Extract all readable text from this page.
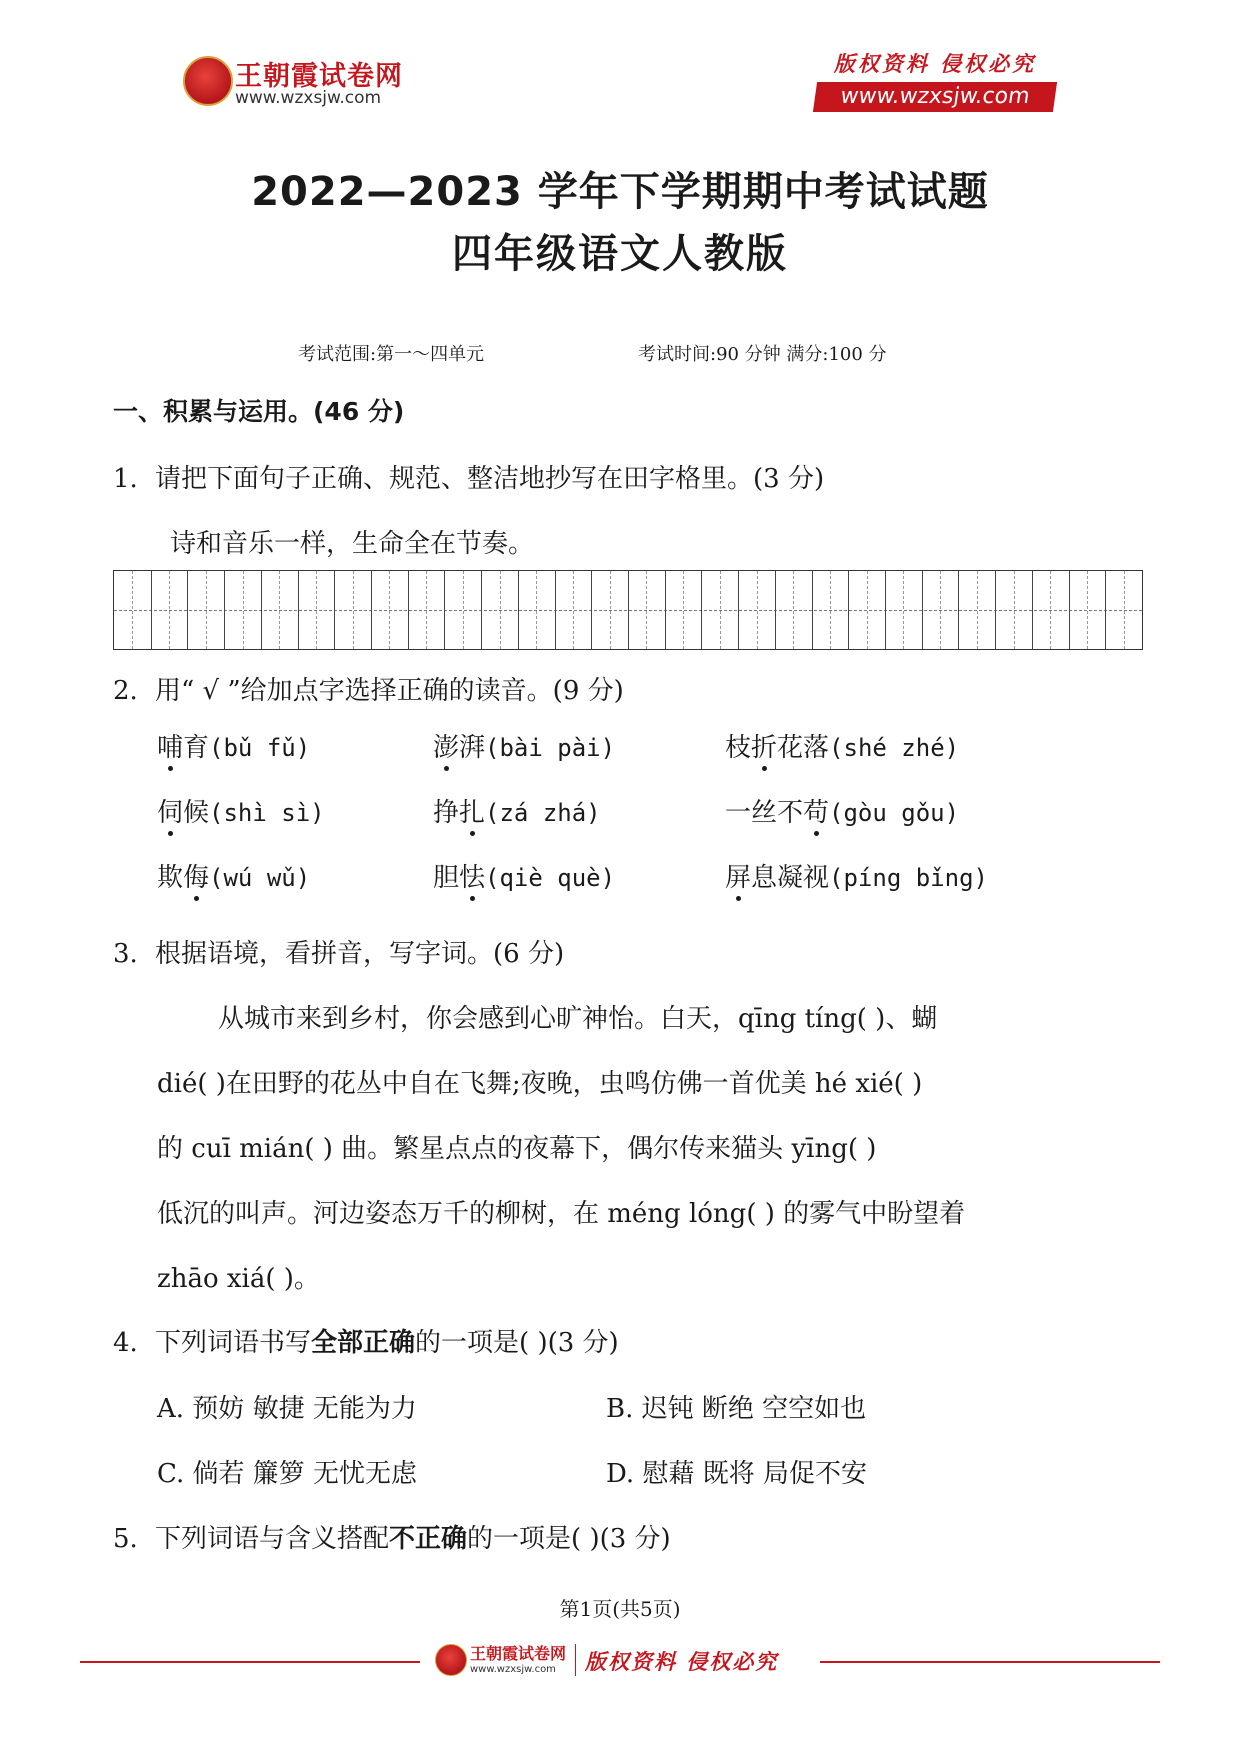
王朝霞试卷网
www.wzxsjw.com
版权资料 侵权必究
www.wzxsjw.com
2022—2023 学年下学期期中考试试题
四年级语文人教版
考试范围:第一～四单元	考试时间:90 分钟 满分:100 分
一、积累与运用。(46 分)
1. 请把下面句子正确、规范、整洁地抄写在田字格里。(3 分)
诗和音乐一样，生命全在节奏。
2. 用“ √ ”给加点字选择正确的读音。(9 分)
哺育(bǔ fǔ)	澎湃(bài pài)	枝折花落(shé zhé)
伺候(shì sì)	挣扎(zá zhá)	一丝不苟(gòu gǒu)
欺侮(wú wǔ)	胆怯(qiè què)	屏息凝视(píng bǐng)
3. 根据语境，看拼音，写字词。(6 分)
从城市来到乡村，你会感到心旷神怡。白天，qīng tíng( )、蝴
dié( )在田野的花丛中自在飞舞;夜晚，虫鸣仿佛一首优美 hé xié( )
的 cuī mián( ) 曲。繁星点点的夜幕下，偶尔传来猫头 yīng( )
低沉的叫声。河边姿态万千的柳树，在 méng lóng( ) 的雾气中盼望着
zhāo xiá( )。
4. 下列词语书写全部正确的一项是( )(3 分)
A. 预妨 敏捷 无能为力	B. 迟钝 断绝 空空如也
C. 倘若 簾箩 无忧无虑	D. 慰藉 既将 局促不安
5. 下列词语与含义搭配不正确的一项是( )(3 分)
第1页(共5页)
王朝霞试卷网
www.wzxsjw.com 版权资料 侵权必究
